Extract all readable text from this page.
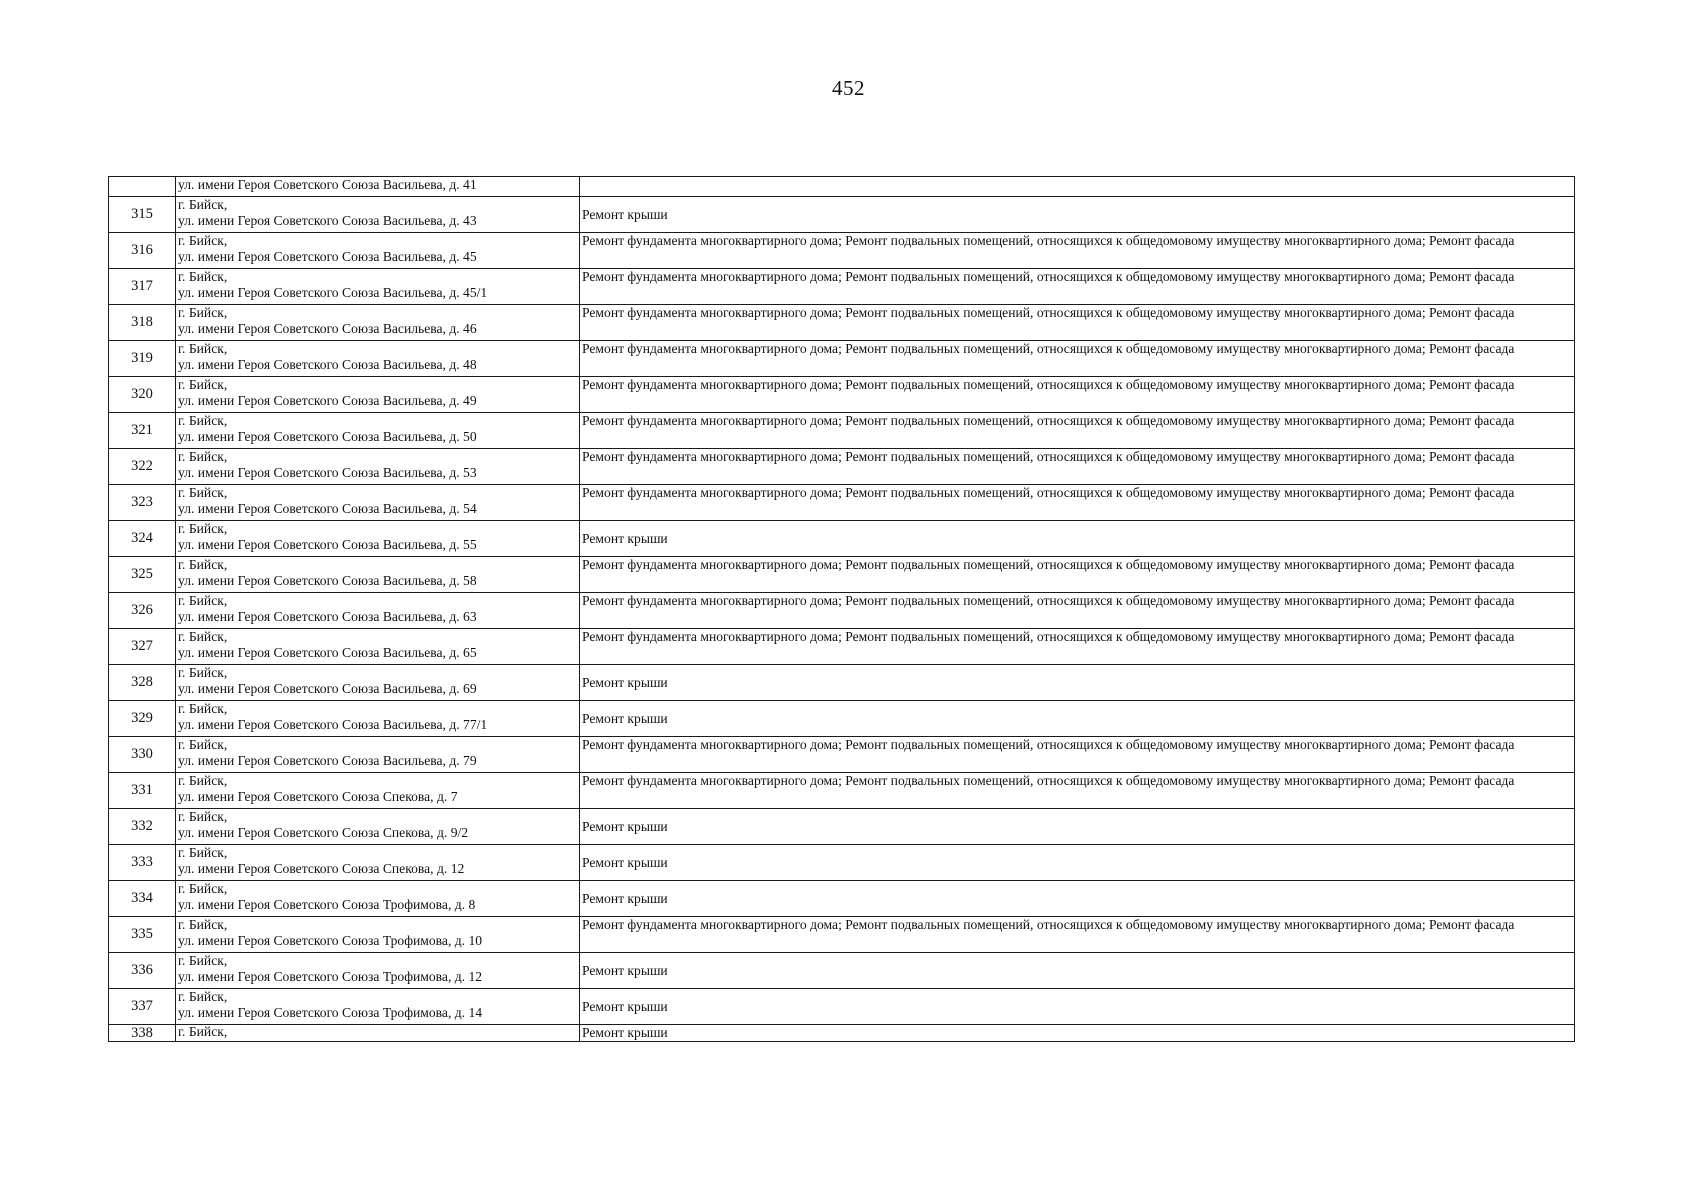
452

	ул. имени Героя Советского Союза Васильева, д. 41	

315	г. Бийск,
ул. имени Героя Советского Союза Васильева, д. 43	Ремонт крыши
316	г. Бийск,
ул. имени Героя Советского Союза Васильева, д. 45	Ремонт фундамента многоквартирного дома; Ремонт подвальных помещений, относящихся к общедомовому имуществу многоквартирного дома; Ремонт фасада
317	г. Бийск,
ул. имени Героя Советского Союза Васильева, д. 45/1	Ремонт фундамента многоквартирного дома; Ремонт подвальных помещений, относящихся к общедомовому имуществу многоквартирного дома; Ремонт фасада
318	г. Бийск,
ул. имени Героя Советского Союза Васильева, д. 46	Ремонт фундамента многоквартирного дома; Ремонт подвальных помещений, относящихся к общедомовому имуществу многоквартирного дома; Ремонт фасада
319	г. Бийск,
ул. имени Героя Советского Союза Васильева, д. 48	Ремонт фундамента многоквартирного дома; Ремонт подвальных помещений, относящихся к общедомовому имуществу многоквартирного дома; Ремонт фасада
320	г. Бийск,
ул. имени Героя Советского Союза Васильева, д. 49	Ремонт фундамента многоквартирного дома; Ремонт подвальных помещений, относящихся к общедомовому имуществу многоквартирного дома; Ремонт фасада
321	г. Бийск,
ул. имени Героя Советского Союза Васильева, д. 50	Ремонт фундамента многоквартирного дома; Ремонт подвальных помещений, относящихся к общедомовому имуществу многоквартирного дома; Ремонт фасада
322	г. Бийск,
ул. имени Героя Советского Союза Васильева, д. 53	Ремонт фундамента многоквартирного дома; Ремонт подвальных помещений, относящихся к общедомовому имуществу многоквартирного дома; Ремонт фасада
323	г. Бийск,
ул. имени Героя Советского Союза Васильева, д. 54	Ремонт фундамента многоквартирного дома; Ремонт подвальных помещений, относящихся к общедомовому имуществу многоквартирного дома; Ремонт фасада
324	г. Бийск,
ул. имени Героя Советского Союза Васильева, д. 55	Ремонт крыши
325	г. Бийск,
ул. имени Героя Советского Союза Васильева, д. 58	Ремонт фундамента многоквартирного дома; Ремонт подвальных помещений, относящихся к общедомовому имуществу многоквартирного дома; Ремонт фасада
326	г. Бийск,
ул. имени Героя Советского Союза Васильева, д. 63	Ремонт фундамента многоквартирного дома; Ремонт подвальных помещений, относящихся к общедомовому имуществу многоквартирного дома; Ремонт фасада
327	г. Бийск,
ул. имени Героя Советского Союза Васильева, д. 65	Ремонт фундамента многоквартирного дома; Ремонт подвальных помещений, относящихся к общедомовому имуществу многоквартирного дома; Ремонт фасада
328	г. Бийск,
ул. имени Героя Советского Союза Васильева, д. 69	Ремонт крыши
329	г. Бийск,
ул. имени Героя Советского Союза Васильева, д. 77/1	Ремонт крыши
330	г. Бийск,
ул. имени Героя Советского Союза Васильева, д. 79	Ремонт фундамента многоквартирного дома; Ремонт подвальных помещений, относящихся к общедомовому имуществу многоквартирного дома; Ремонт фасада
331	г. Бийск,
ул. имени Героя Советского Союза Спекова, д. 7	Ремонт фундамента многоквартирного дома; Ремонт подвальных помещений, относящихся к общедомовому имуществу многоквартирного дома; Ремонт фасада
332	г. Бийск,
ул. имени Героя Советского Союза Спекова, д. 9/2	Ремонт крыши
333	г. Бийск,
ул. имени Героя Советского Союза Спекова, д. 12	Ремонт крыши
334	г. Бийск,
ул. имени Героя Советского Союза Трофимова, д. 8	Ремонт крыши
335	г. Бийск,
ул. имени Героя Советского Союза Трофимова, д. 10	Ремонт фундамента многоквартирного дома; Ремонт подвальных помещений, относящихся к общедомовому имуществу многоквартирного дома; Ремонт фасада
336	г. Бийск,
ул. имени Героя Советского Союза Трофимова, д. 12	Ремонт крыши
337	г. Бийск,
ул. имени Героя Советского Союза Трофимова, д. 14	Ремонт крыши
338	г. Бийск,	Ремонт крыши
